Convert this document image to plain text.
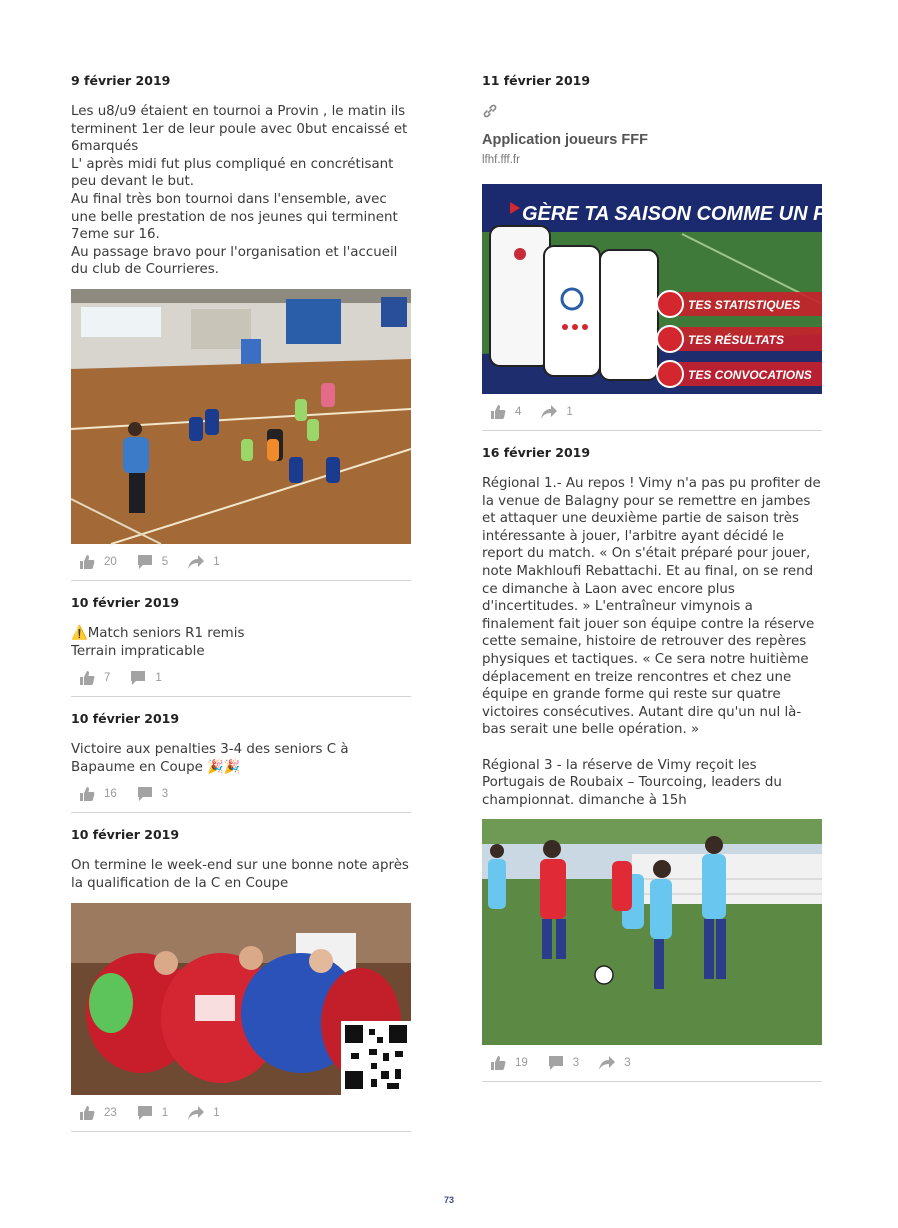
9 février 2019
Les u8/u9 étaient en tournoi a Provin , le matin ils terminent 1er de leur poule avec 0but encaissé et 6marqués
L' après midi fut plus compliqué en concrétisant peu devant le but.
Au final très bon tournoi dans l'ensemble, avec une belle prestation de nos jeunes qui terminent 7eme sur 16.
Au passage bravo pour l'organisation et l'accueil du club de Courrieres.
20	5	1
10 février 2019
⚠️Match seniors R1 remis
Terrain impraticable
7	1
10 février 2019
Victoire aux penalties 3-4 des seniors C à Bapaume en Coupe 🎉🎉
16	3
10 février 2019
On termine le week-end sur une bonne note après la qualification de la C en Coupe
23	1	1
11 février 2019
Application joueurs FFF
lfhf.fff.fr
GÈRE TA SAISON COMME UN PRO !
TES STATISTIQUES
TES RÉSULTATS
TES CONVOCATIONS
4	1
16 février 2019
Régional 1.- Au repos ! Vimy n'a pas pu profiter de la venue de Balagny pour se remettre en jambes et attaquer une deuxième partie de saison très intéressante à jouer, l'arbitre ayant décidé le report du match. « On s'était préparé pour jouer, note Makhloufi Rebattachi. Et au final, on se rend ce dimanche à Laon avec encore plus d'incertitudes. » L'entraîneur vimynois a finalement fait jouer son équipe contre la réserve cette semaine, histoire de retrouver des repères physiques et tactiques. « Ce sera notre huitième déplacement en treize rencontres et chez une équipe en grande forme qui reste sur quatre victoires consécutives. Autant dire qu'un nul là-bas serait une belle opération. »

Régional 3 - la réserve de Vimy reçoit les Portugais de Roubaix – Tourcoing, leaders du championnat. dimanche à 15h
19	3	3
73
